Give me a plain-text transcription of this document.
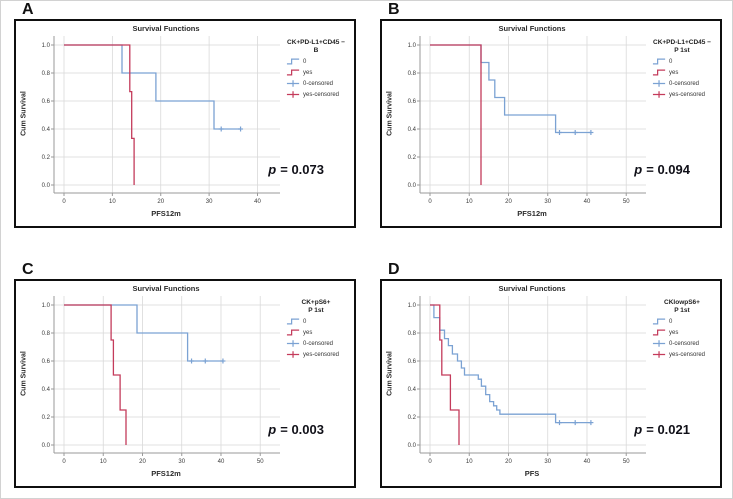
A
0	10	20	30	40
0.0
0.2
0.4
0.6
0.8
1.0
Survival Functions
Cum Survival
PFS12m
CK+PD-L1+CD45 −
B
0
yes
0-censored
yes-censored
p = 0.073
B
0	10	20	30	40	50
0.0
0.2
0.4
0.6
0.8
1.0
Survival Functions
Cum Survival
PFS12m
CK+PD-L1+CD45 −
P 1st
0
yes
0-censored
yes-censored
p = 0.094
C
0	10	20	30	40	50
0.0
0.2
0.4
0.6
0.8
1.0
Survival Functions
Cum Survival
PFS12m
CK+pS6+
P 1st
0
yes
0-censored
yes-censored
p = 0.003
D
0	10	20	30	40	50
0.0
0.2
0.4
0.6
0.8
1.0
Survival Functions
Cum Survival
PFS
CKlowpS6+
P 1st
0
yes
0-censored
yes-censored
p = 0.021
